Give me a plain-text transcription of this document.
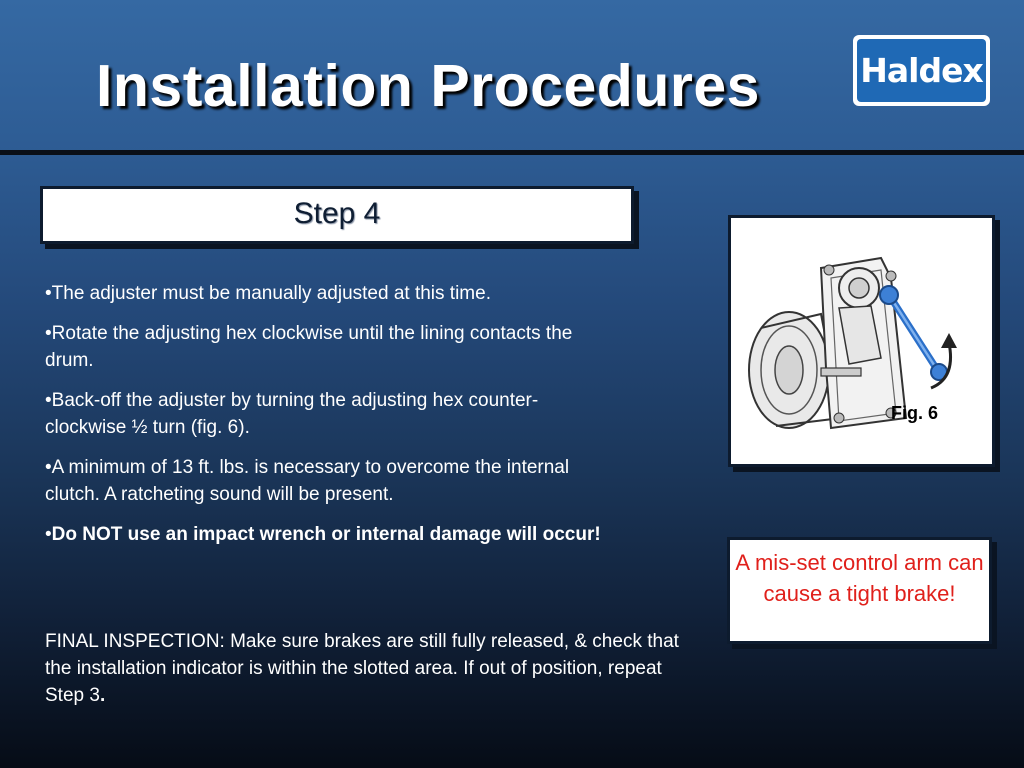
Installation Procedures	Haldex
Step 4

•The adjuster must be manually adjusted at this time.

•Rotate the adjusting hex clockwise until the lining contacts the drum.

•Back-off the adjuster by turning the adjusting hex counter-clockwise ½ turn (fig. 6).

•A minimum of 13 ft. lbs. is necessary to overcome the internal clutch. A ratcheting sound will be present.

•Do NOT use an impact wrench or internal damage will occur!

FINAL INSPECTION: Make sure brakes are still fully released, & check that the installation indicator is within the slotted area. If out of position, repeat Step 3.

Fig. 6
A mis-set control arm can cause a tight brake!
